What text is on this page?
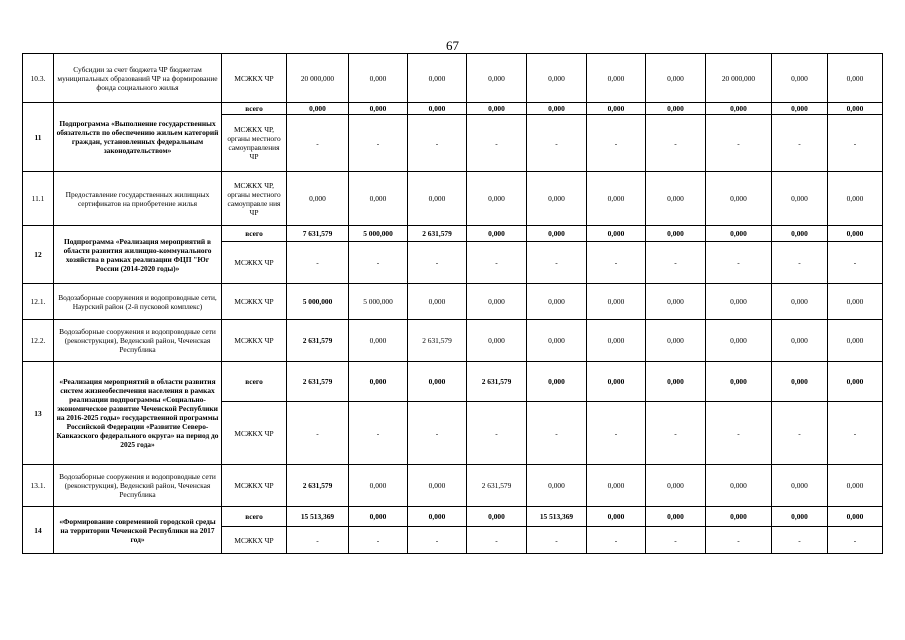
67
10.3.	Субсидии за счет бюджета ЧР бюджетам муниципальных образований ЧР на формирование фонда социального жилья	МСЖКХ ЧР	20 000,000	0,000	0,000	0,000	0,000	0,000	0,000	20 000,000	0,000	0,000
11	Подпрограмма «Выполнение государственных обязательств по обеспечению жильем категорий граждан, установленных федеральным законодательством»	всего	0,000	0,000	0,000	0,000	0,000	0,000	0,000	0,000	0,000	0,000
		МСЖКХ ЧР, органы местного самоуправления ЧР	-	-	-	-	-	-	-	-	-	-
11.1	Предоставление государственных жилищных сертификатов на приобретение жилья	МСЖКХ ЧР, органы местного самоуправле ния ЧР	0,000	0,000	0,000	0,000	0,000	0,000	0,000	0,000	0,000	0,000
12	Подпрограмма «Реализация мероприятий в области развития жилищно-коммунального хозяйства в рамках реализации ФЦП "Юг России (2014-2020 годы)»	всего	7 631,579	5 000,000	2 631,579	0,000	0,000	0,000	0,000	0,000	0,000	0,000
		МСЖКХ ЧР	-	-	-	-	-	-	-	-	-	-
12.1.	Водозаборные сооружения и водопроводные сети, Наурский район (2-й пусковой комплекс)	МСЖКХ ЧР	5 000,000	5 000,000	0,000	0,000	0,000	0,000	0,000	0,000	0,000	0,000
12.2.	Водозаборные сооружения и водопроводные сети (реконструкция), Веденский район, Чеченская Республика	МСЖКХ ЧР	2 631,579	0,000	2 631,579	0,000	0,000	0,000	0,000	0,000	0,000	0,000
13	«Реализация мероприятий в области развития систем жизнеобеспечения населения в рамках реализации подпрограммы «Социально-экономическое развитие Чеченской Республики на 2016-2025 годы» государственной программы Российской Федерации «Развитие Северо-Кавказского федерального округа» на период до 2025 года»	всего	2 631,579	0,000	0,000	2 631,579	0,000	0,000	0,000	0,000	0,000	0,000
		МСЖКХ ЧР	-	-	-	-	-	-	-	-	-	-
13.1.	Водозаборные сооружения и водопроводные сети (реконструкция), Веденский район, Чеченская Республика	МСЖКХ ЧР	2 631,579	0,000	0,000	2 631,579	0,000	0,000	0,000	0,000	0,000	0,000
14	«Формирование современной городской среды на территории Чеченской Республики на 2017 год»	всего	15 513,369	0,000	0,000	0,000	15 513,369	0,000	0,000	0,000	0,000	0,000
		МСЖКХ ЧР	-	-	-	-	-	-	-	-	-	-
